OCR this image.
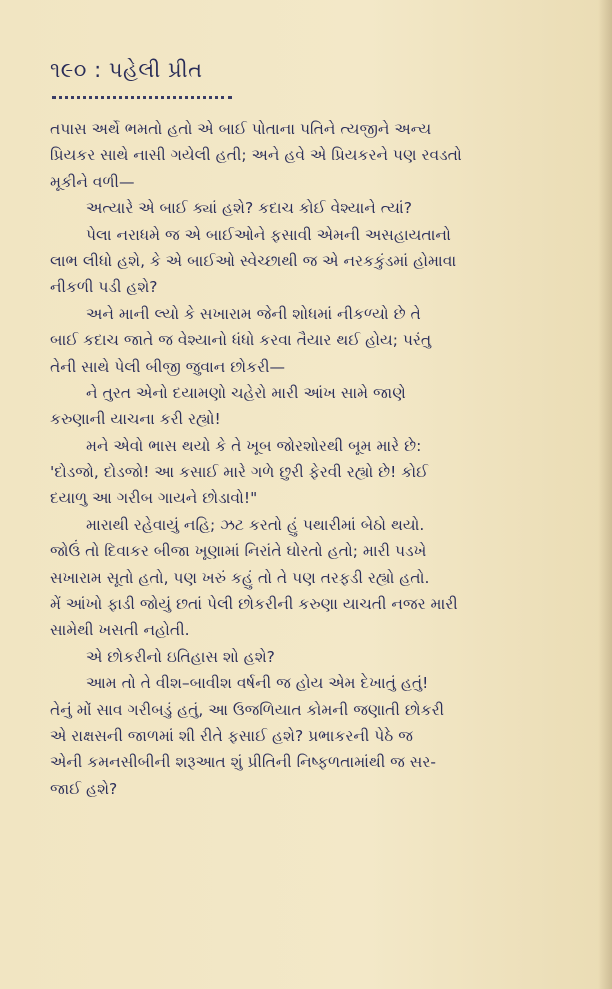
૧૯૦ : પહેલી પ્રીત
તપાસ અર્થે ભમતો હતો એ બાઈ પોતાના પતિને ત્યજીને અન્ય
પ્રિયકર સાથે નાસી ગયેલી હતી; અને હવે એ પ્રિયકરને પણ રવડતો
મૂકીને વળી—
અત્યારે એ બાઈ ક્યાં હશે? કદાચ કોઈ વેશ્યાને ત્યાં?
પેલા નરાધમે જ એ બાઈઓને ફસાવી એમની અસહાયતાનો
લાભ લીધો હશે, કે એ બાઈઓ સ્વેચ્છાથી જ એ નરકકુંડમાં હોમાવા
નીકળી પડી હશે?
અને માની લ્યો કે સખારામ જેની શોધમાં નીકળ્યો છે તે
બાઈ કદાચ જાતે જ વેશ્યાનો ધંધો કરવા તૈયાર થઈ હોય; પરંતુ
તેની સાથે પેલી બીજી જુવાન છોકરી—
ને તુરત એનો દયામણો ચહેરો મારી આંખ સામે જાણે
કરુણાની યાચના કરી રહ્યો!
મને એવો ભાસ થયો કે તે ખૂબ જોરશોરથી બૂમ મારે છે:
'દોડજો, દોડજો! આ કસાઈ મારે ગળે છુરી ફેરવી રહ્યો છે! કોઈ
દયાળુ આ ગરીબ ગાયને છોડાવો!"
મારાથી રહેવાયું નહિ; ઝટ કરતો હું પથારીમાં બેઠો થયો.
જોઉં તો દિવાકર બીજા ખૂણામાં નિરાંતે ઘોરતો હતો; મારી પડખે
સખારામ સૂતો હતો, પણ ખરું કહું તો તે પણ તરફડી રહ્યો હતો.
મેં આંખો ફાડી જોયું છતાં પેલી છોકરીની કરુણા યાચતી નજર મારી
સામેથી ખસતી નહોતી.
એ છોકરીનો ઇતિહાસ શો હશે?
આમ તો તે વીશ–બાવીશ વર્ષની જ હોય એમ દેખાતું હતું!
તેનું મોં સાવ ગરીબડું હતું, આ ઉજળિયાત કોમની જણાતી છોકરી
એ રાક્ષસની જાળમાં શી રીતે ફસાઈ હશે? પ્રભાકરની પેઠે જ
એની કમનસીબીની શરૂઆત શું પ્રીતિની નિષ્ફળતામાંથી જ સર-
જાઈ હશે?
